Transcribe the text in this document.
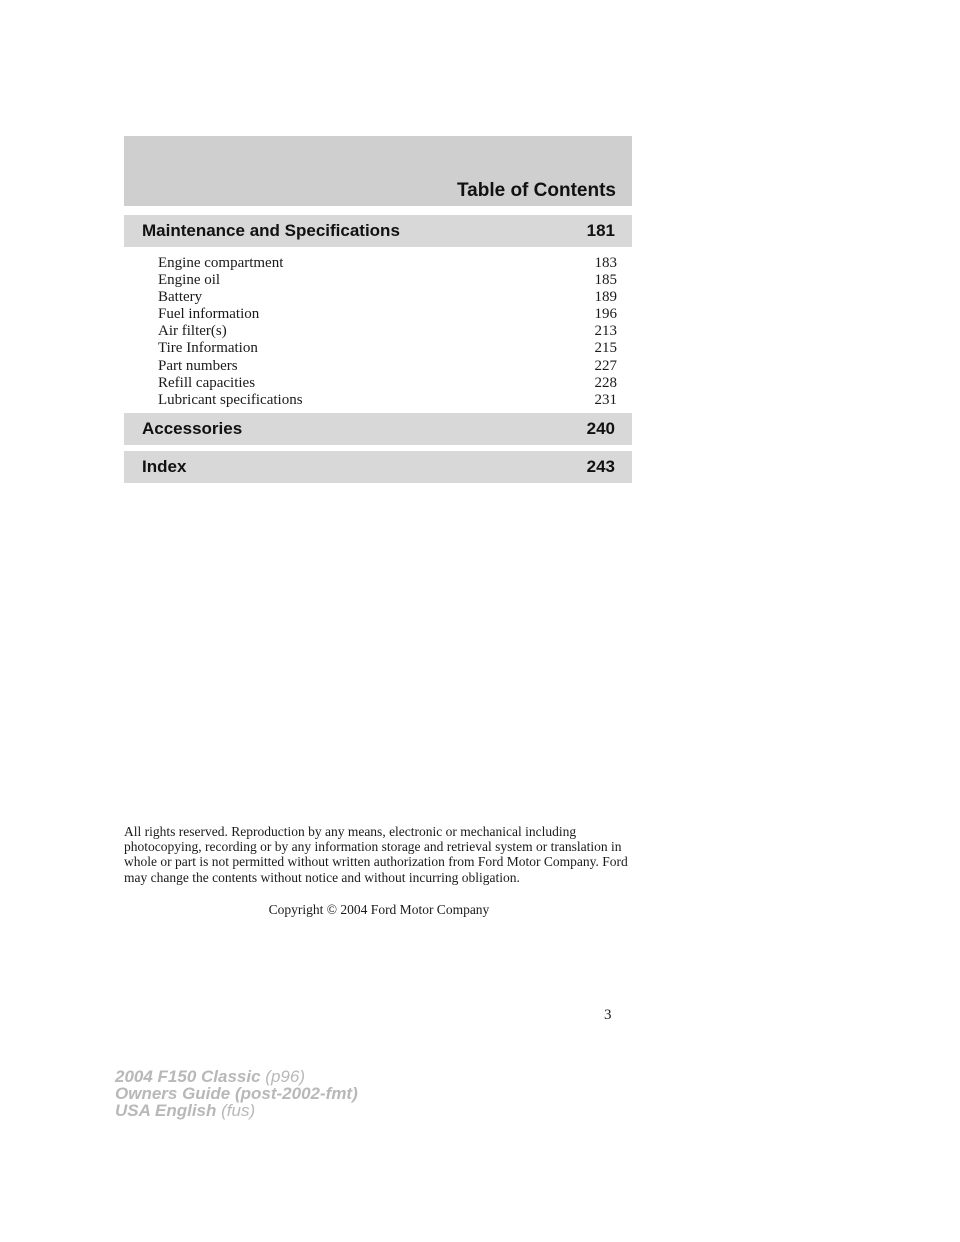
Table of Contents
Maintenance and Specifications	181
Engine compartment	183
Engine oil	185
Battery	189
Fuel information	196
Air filter(s)	213
Tire Information	215
Part numbers	227
Refill capacities	228
Lubricant specifications	231
Accessories	240
Index	243
All rights reserved. Reproduction by any means, electronic or mechanical including photocopying, recording or by any information storage and retrieval system or translation in whole or part is not permitted without written authorization from Ford Motor Company. Ford may change the contents without notice and without incurring obligation.
Copyright © 2004 Ford Motor Company
3
2004 F150 Classic (p96)
Owners Guide (post-2002-fmt)
USA English (fus)
